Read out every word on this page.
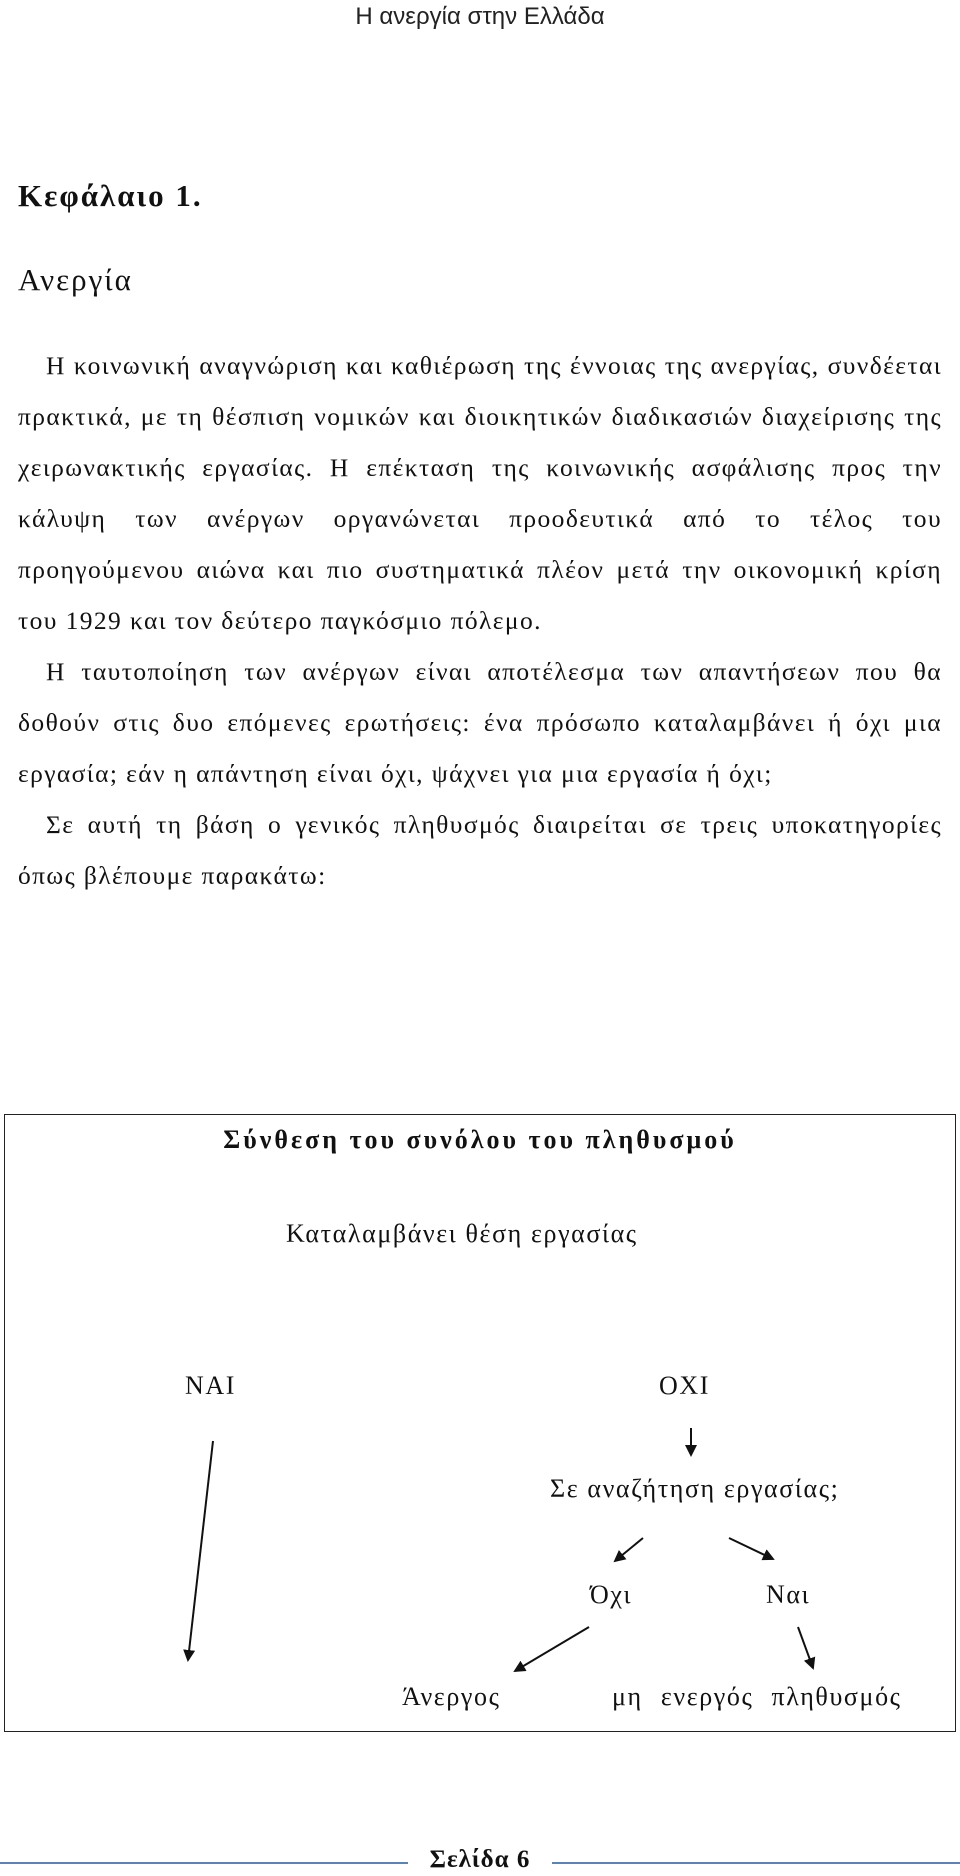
Η ανεργία στην Ελλάδα
Κεφάλαιο 1.
Ανεργία

Η κοινωνική αναγνώριση και καθιέρωση της έννοιας της ανεργίας, συνδέεται πρακτικά, με τη θέσπιση νομικών και διοικητικών διαδικασιών διαχείρισης της χειρωνακτικής εργασίας. Η επέκταση της κοινωνικής ασφάλισης προς την κάλυψη των ανέργων οργανώνεται προοδευτικά από το τέλος του προηγούμενου αιώνα και πιο συστηματικά πλέον μετά την οικονομική κρίση του 1929 και τον δεύτερο παγκόσμιο πόλεμο.

Η ταυτοποίηση των ανέργων είναι αποτέλεσμα των απαντήσεων που θα δοθούν στις δυο επόμενες ερωτήσεις: ένα πρόσωπο καταλαμβάνει ή όχι μια εργασία; εάν η απάντηση είναι όχι, ψάχνει για μια εργασία ή όχι;

Σε αυτή τη βάση ο γενικός πληθυσμός διαιρείται σε τρεις υποκατηγορίες όπως βλέπουμε παρακάτω:

Σύνθεση του συνόλου του πληθυσμού
Καταλαμβάνει θέση εργασίας
ΝΑΙ	ΟΧΙ
Σε αναζήτηση εργασίας;
Όχι	Ναι
Άνεργος	μη ενεργός πληθυσμός
Σελίδα 6
